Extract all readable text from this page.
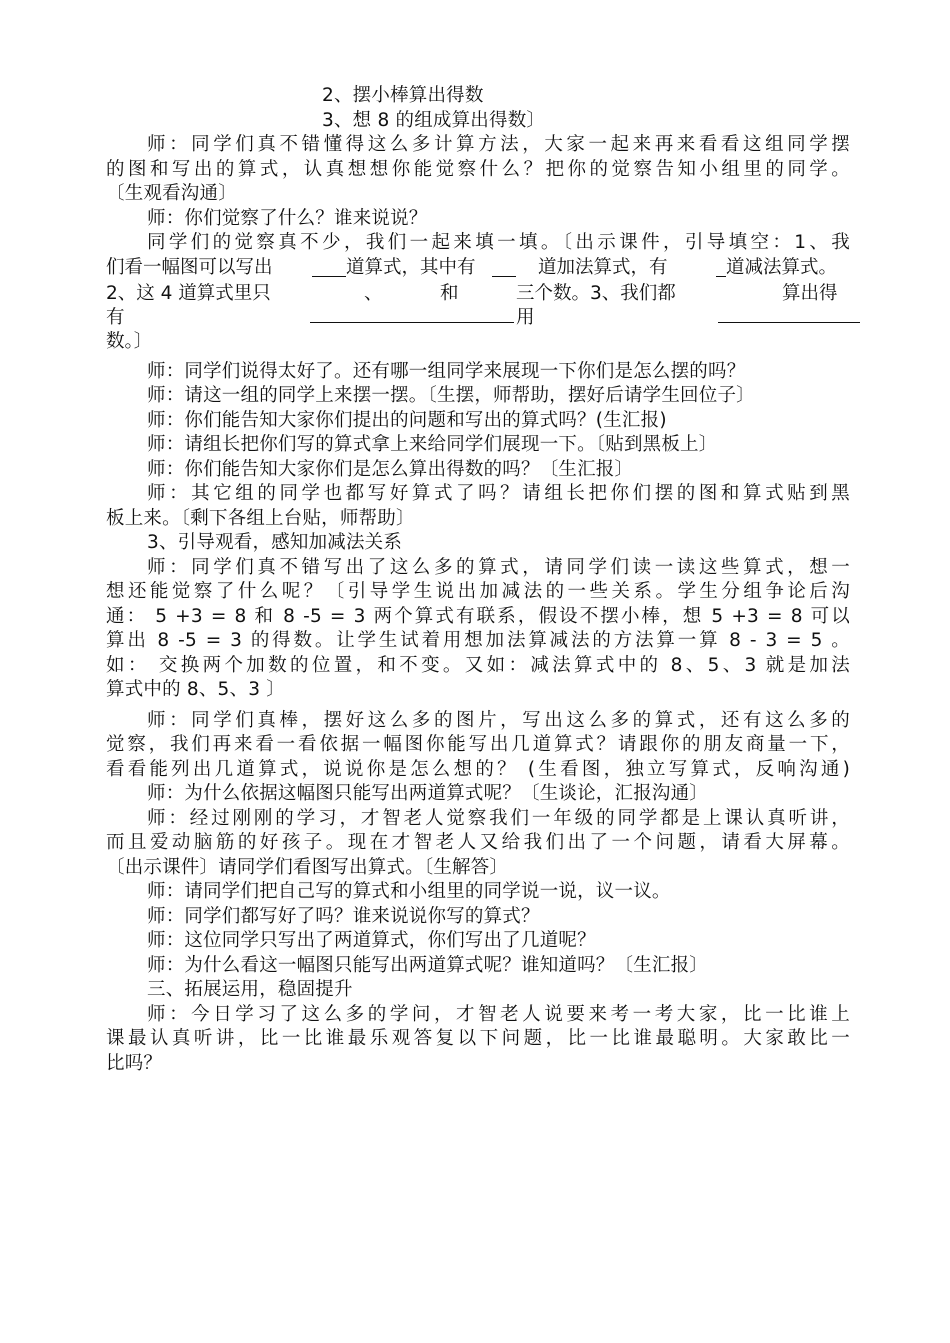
2、摆小棒算出得数

3、想 8 的组成算出得数〕

师：同学们真不错懂得这么多计算方法，大家一起来再来看看这组同学摆

的图和写出的算式，认真想想你能觉察什么？把你的觉察告知小组里的同学。

〔生观看沟通〕

师：你们觉察了什么？谁来说说？

同学们的觉察真不少，我们一起来填一填。〔出示课件，引导填空：1、我

们看一幅图可以写出	道算式，其中有	道加法算式，有	道减法算式。
2、这 4 道算式里只
有
、	和	三个数。3、我们都
用
算出得
数。〕

师：同学们说得太好了。还有哪一组同学来展现一下你们是怎么摆的吗？

师：请这一组的同学上来摆一摆。〔生摆，师帮助，摆好后请学生回位子〕

师：你们能告知大家你们提出的问题和写出的算式吗？(生汇报)

师：请组长把你们写的算式拿上来给同学们展现一下。〔贴到黑板上〕

师：你们能告知大家你们是怎么算出得数的吗？〔生汇报〕

师：其它组的同学也都写好算式了吗？请组长把你们摆的图和算式贴到黑

板上来。〔剩下各组上台贴，师帮助〕

3、引导观看，感知加减法关系

师：同学们真不错写出了这么多的算式，请同学们读一读这些算式，想一

想还能觉察了什么呢？〔引导学生说出加减法的一些关系。学生分组争论后沟

通： 5 +3 = 8 和 8 -5 = 3 两个算式有联系，假设不摆小棒，想 5 +3 = 8 可以

算出 8 -5 = 3 的得数。让学生试着用想加法算减法的方法算一算 8 - 3 = 5 。

如： 交换两个加数的位置，和不变。又如：减法算式中的 8、5、3 就是加法

算式中的 8、5、3 〕

师：同学们真棒，摆好这么多的图片，写出这么多的算式，还有这么多的

觉察，我们再来看一看依据一幅图你能写出几道算式？请跟你的朋友商量一下，

看看能列出几道算式，说说你是怎么想的？ (生看图，独立写算式，反响沟通)

师：为什么依据这幅图只能写出两道算式呢？〔生谈论，汇报沟通〕

师：经过刚刚的学习，才智老人觉察我们一年级的同学都是上课认真听讲，

而且爱动脑筋的好孩子。现在才智老人又给我们出了一个问题，请看大屏幕。

〔出示课件〕请同学们看图写出算式。〔生解答〕

师：请同学们把自己写的算式和小组里的同学说一说，议一议。

师：同学们都写好了吗？谁来说说你写的算式？

师：这位同学只写出了两道算式，你们写出了几道呢？

师：为什么看这一幅图只能写出两道算式呢？谁知道吗？〔生汇报〕

三、拓展运用，稳固提升

师：今日学习了这么多的学问，才智老人说要来考一考大家，比一比谁上

课最认真听讲，比一比谁最乐观答复以下问题，比一比谁最聪明。大家敢比一

比吗？
